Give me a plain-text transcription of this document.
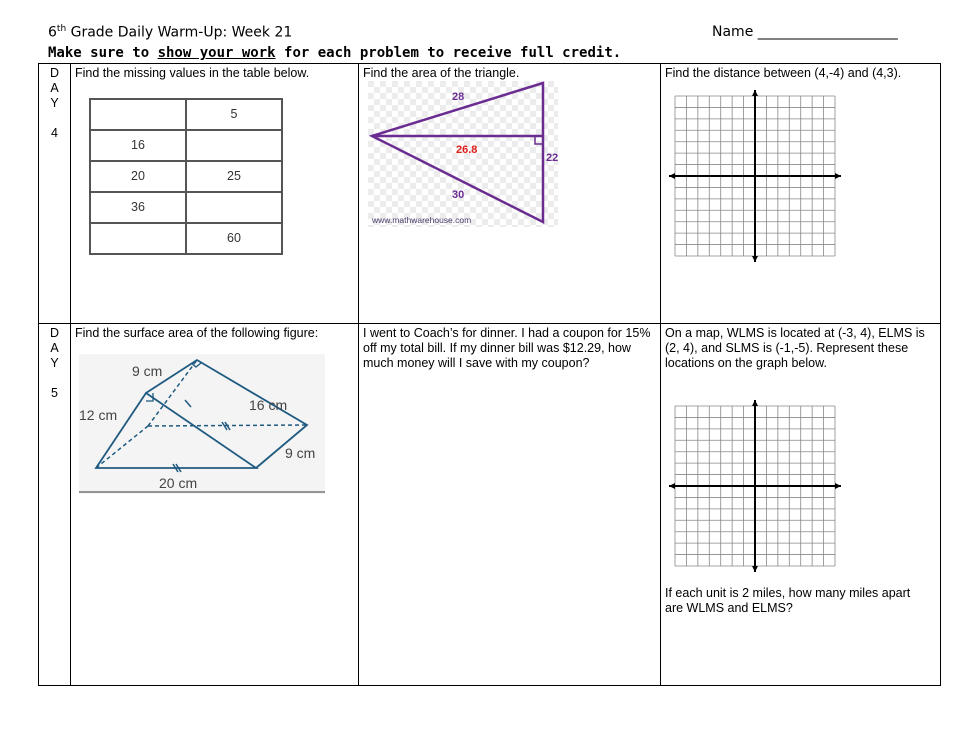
6th Grade Daily Warm-Up: Week 21	Name ____________________
Make sure to show your work for each problem to receive full credit.
D
A
Y
4

Find the missing values in the table below.
	5
16	
20	25
36	
	60

Find the area of the triangle.
28
26.8
22
30
www.mathwarehouse.com

Find the distance between (4,-4) and (4,3).

D
A
Y
5

Find the surface area of the following figure:
9 cm
16 cm
12 cm
9 cm
20 cm

I went to Coach’s for dinner. I had a coupon for 15% off my total bill. If my dinner bill was $12.29, how much money will I save with my coupon?

On a map, WLMS is located at (-3, 4), ELMS is (2, 4), and SLMS is (-1,-5). Represent these locations on the graph below.
If each unit is 2 miles, how many miles apart are WLMS and ELMS?
